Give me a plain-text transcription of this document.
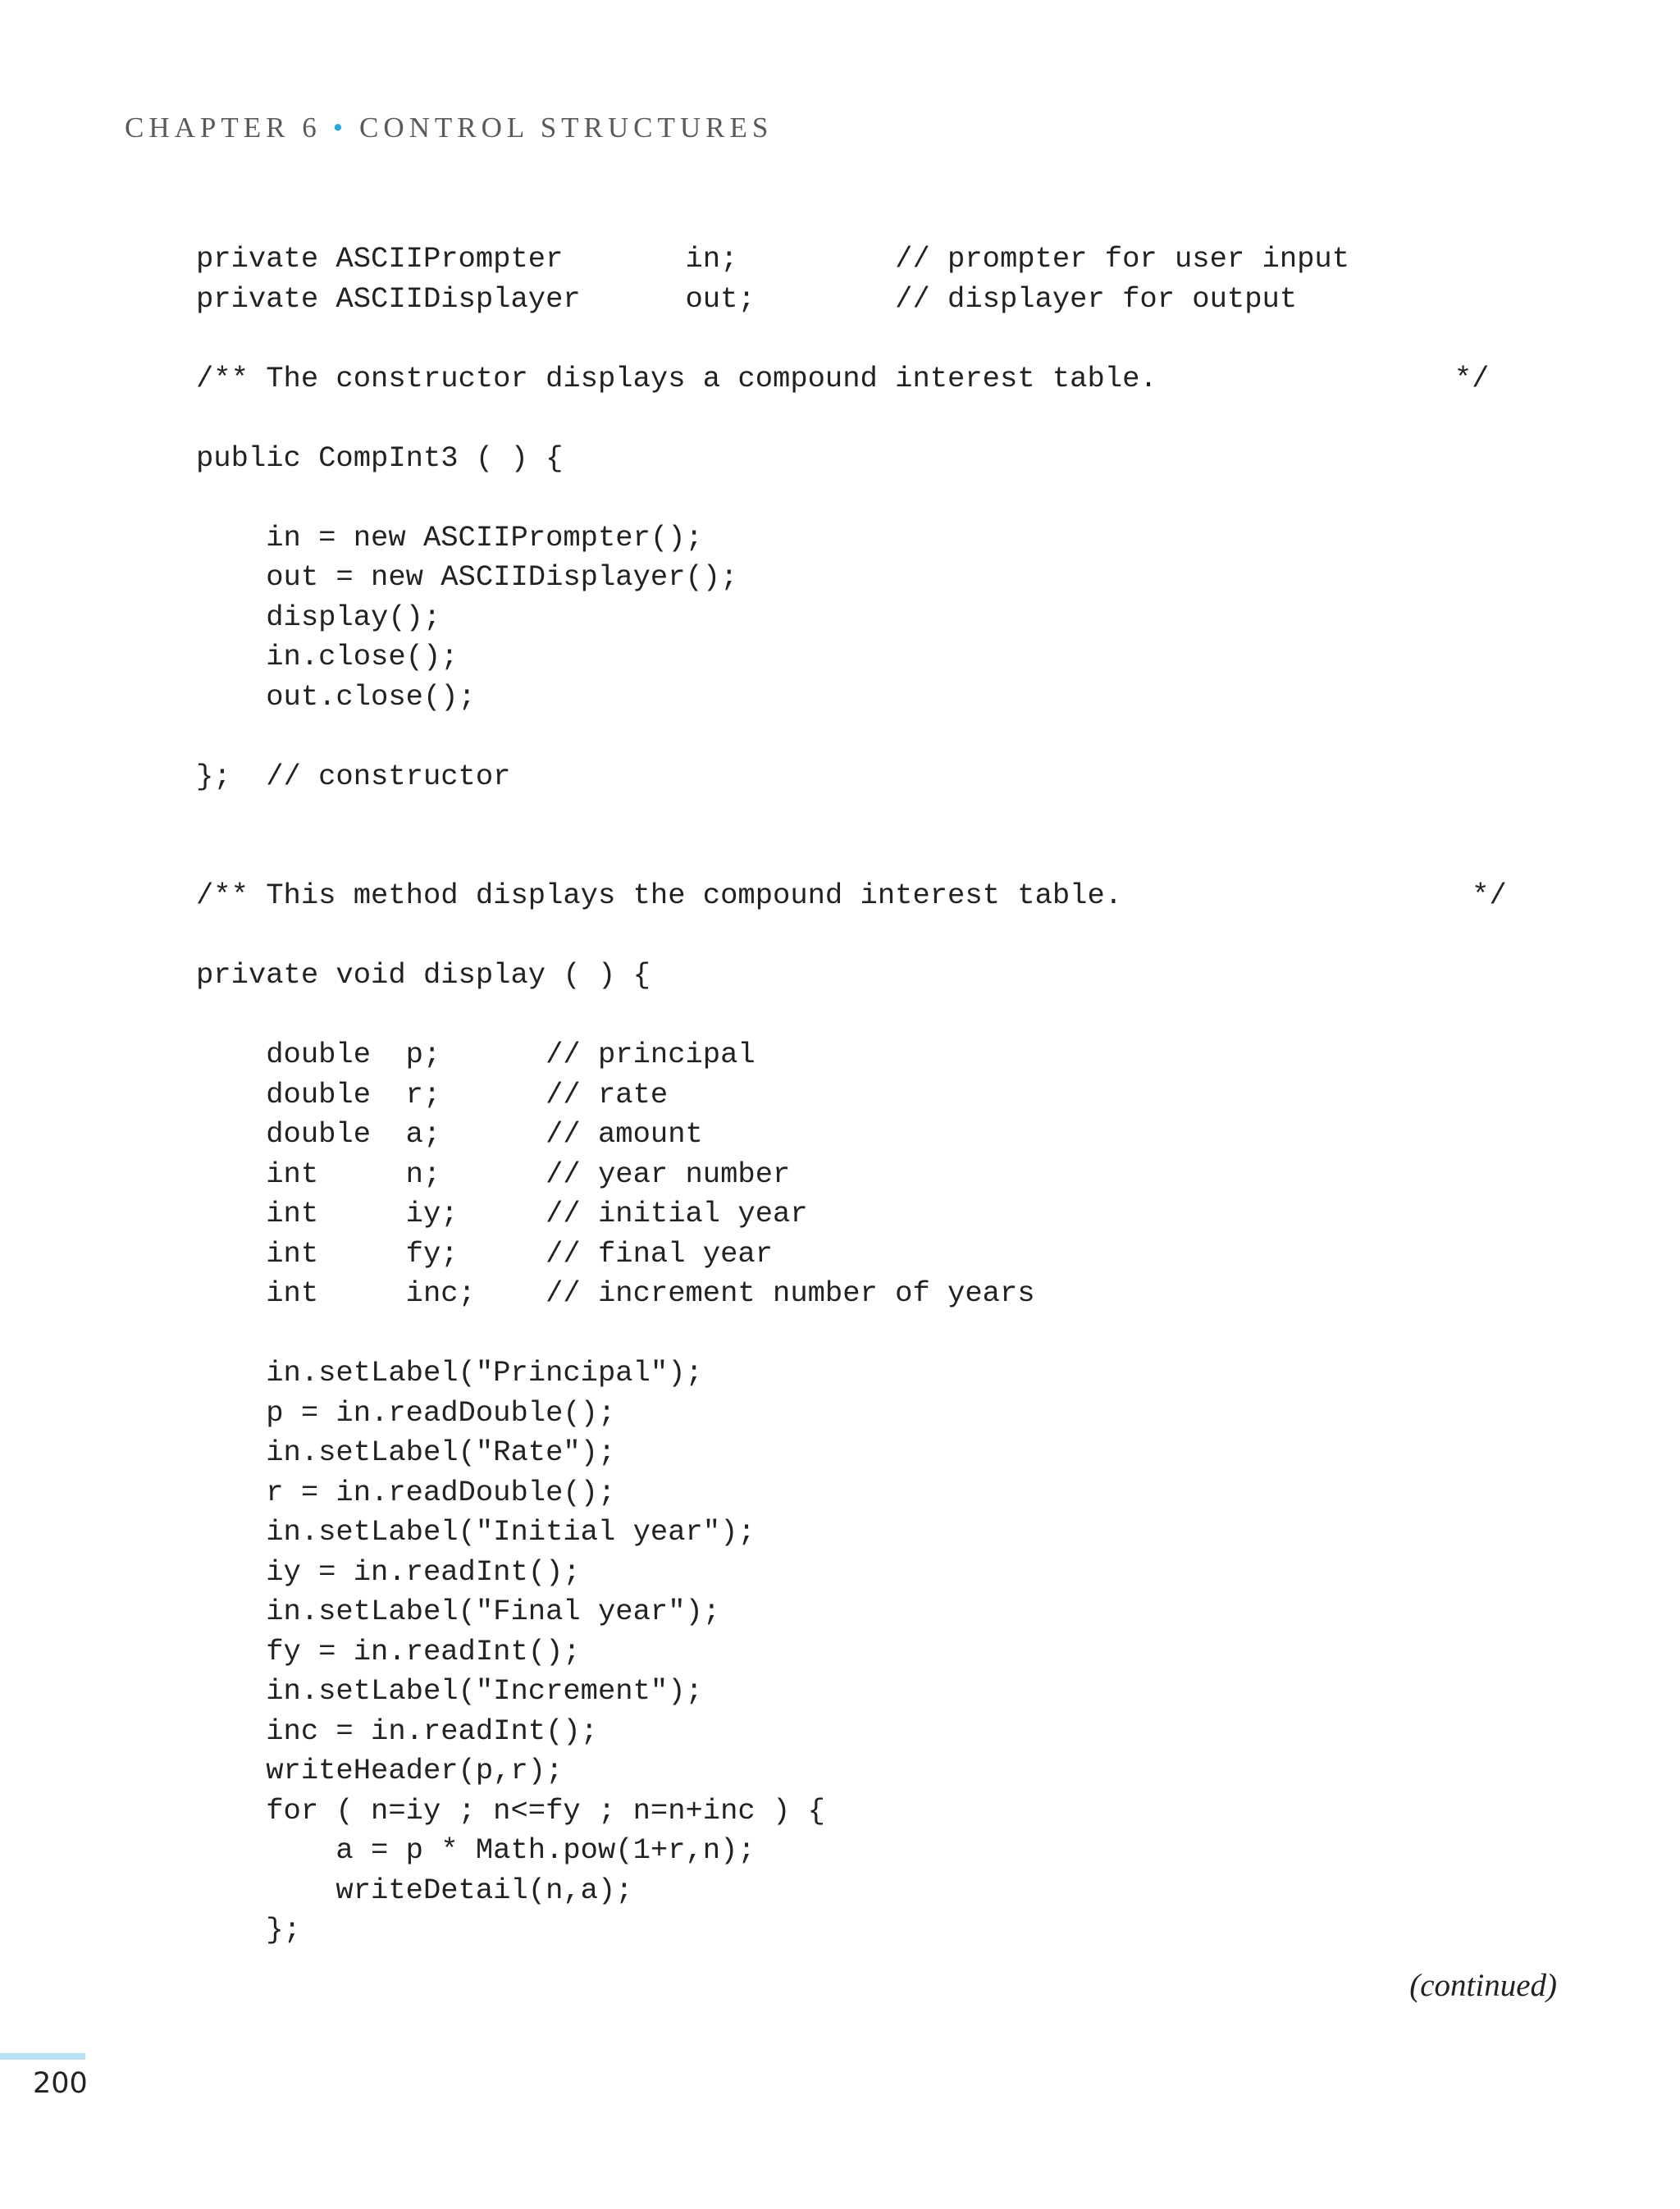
CHAPTER 6 • CONTROL STRUCTURES
private ASCIIPrompter       in;         // prompter for user input
private ASCIIDisplayer      out;        // displayer for output

/** The constructor displays a compound interest table.                 */

public CompInt3 ( ) {

in = new ASCIIPrompter();
out = new ASCIIDisplayer();
display();
in.close();
out.close();

};  // constructor

/** This method displays the compound interest table.                    */

private void display ( ) {

double  p;      // principal
double  r;      // rate
double  a;      // amount
int     n;      // year number
int     iy;     // initial year
int     fy;     // final year
int     inc;    // increment number of years

in.setLabel("Principal");
p = in.readDouble();
in.setLabel("Rate");
r = in.readDouble();
in.setLabel("Initial year");
iy = in.readInt();
in.setLabel("Final year");
fy = in.readInt();
in.setLabel("Increment");
inc = in.readInt();
writeHeader(p,r);
for ( n=iy ; n<=fy ; n=n+inc ) {
a = p * Math.pow(1+r,n);
writeDetail(n,a);
};
(continued)
200
